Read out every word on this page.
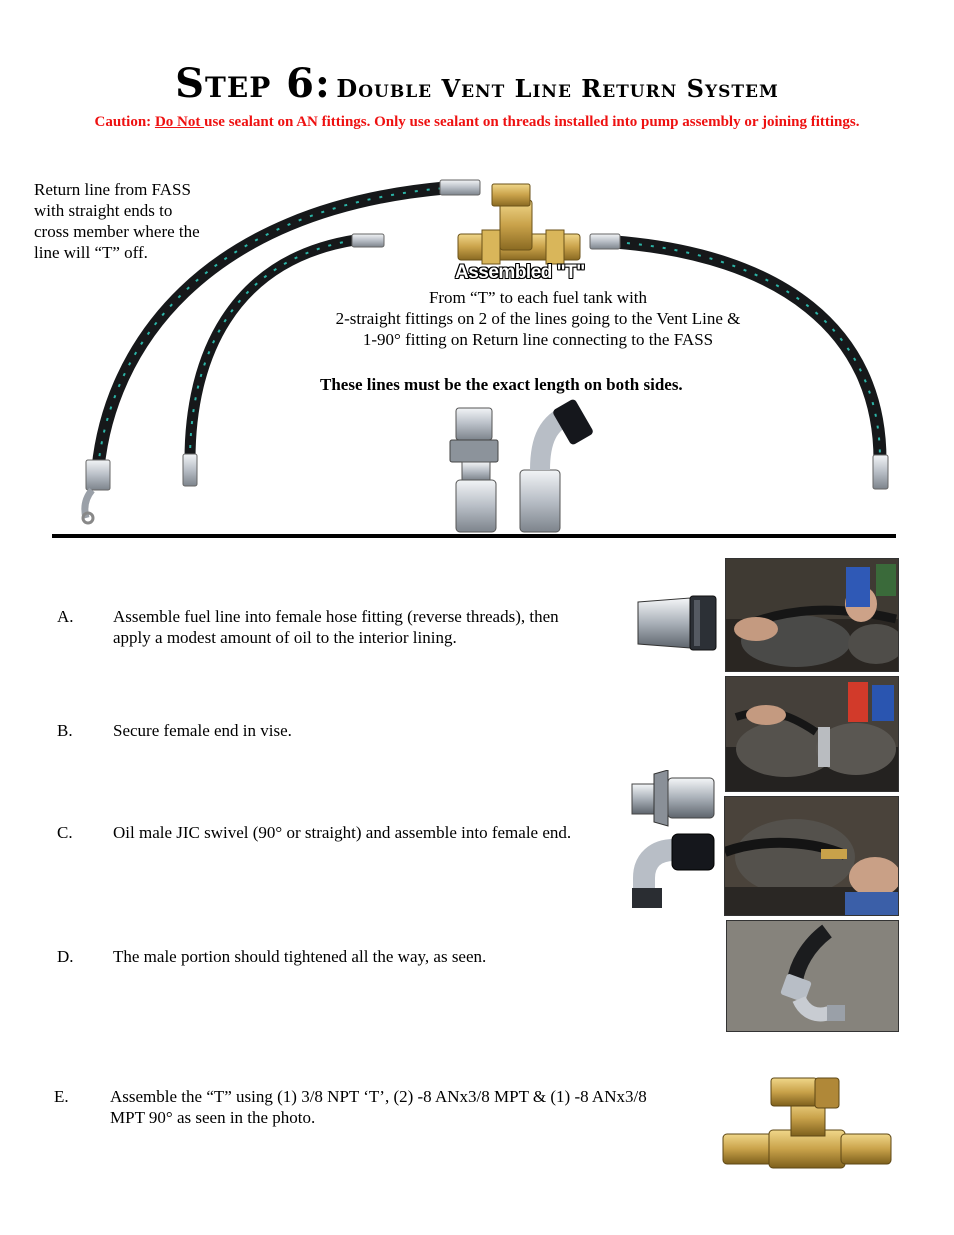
Step 6: Double Vent Line Return System
Caution: Do Not use sealant on AN fittings. Only use sealant on threads installed into pump assembly or joining fittings.
Return line from FASS with straight ends to cross member where the line will “T” off.
Assembled "T"
From “T” to each fuel tank with
2-straight fittings on 2 of the lines going to the Vent Line &
1-90° fitting on Return line connecting to the FASS
These lines must be the exact length on both sides.
A.	Assemble fuel line into female hose fitting (reverse threads), then
apply a modest amount of oil to the interior lining.
B.	Secure female end in vise.
C.	Oil male JIC swivel (90° or straight) and assemble into female end.
D.	The male portion should tightened all the way, as seen.
E.	Assemble the “T” using (1) 3/8 NPT ‘T’, (2) -8 ANx3/8 MPT & (1) -8 ANx3/8
MPT 90° as seen in the photo.
